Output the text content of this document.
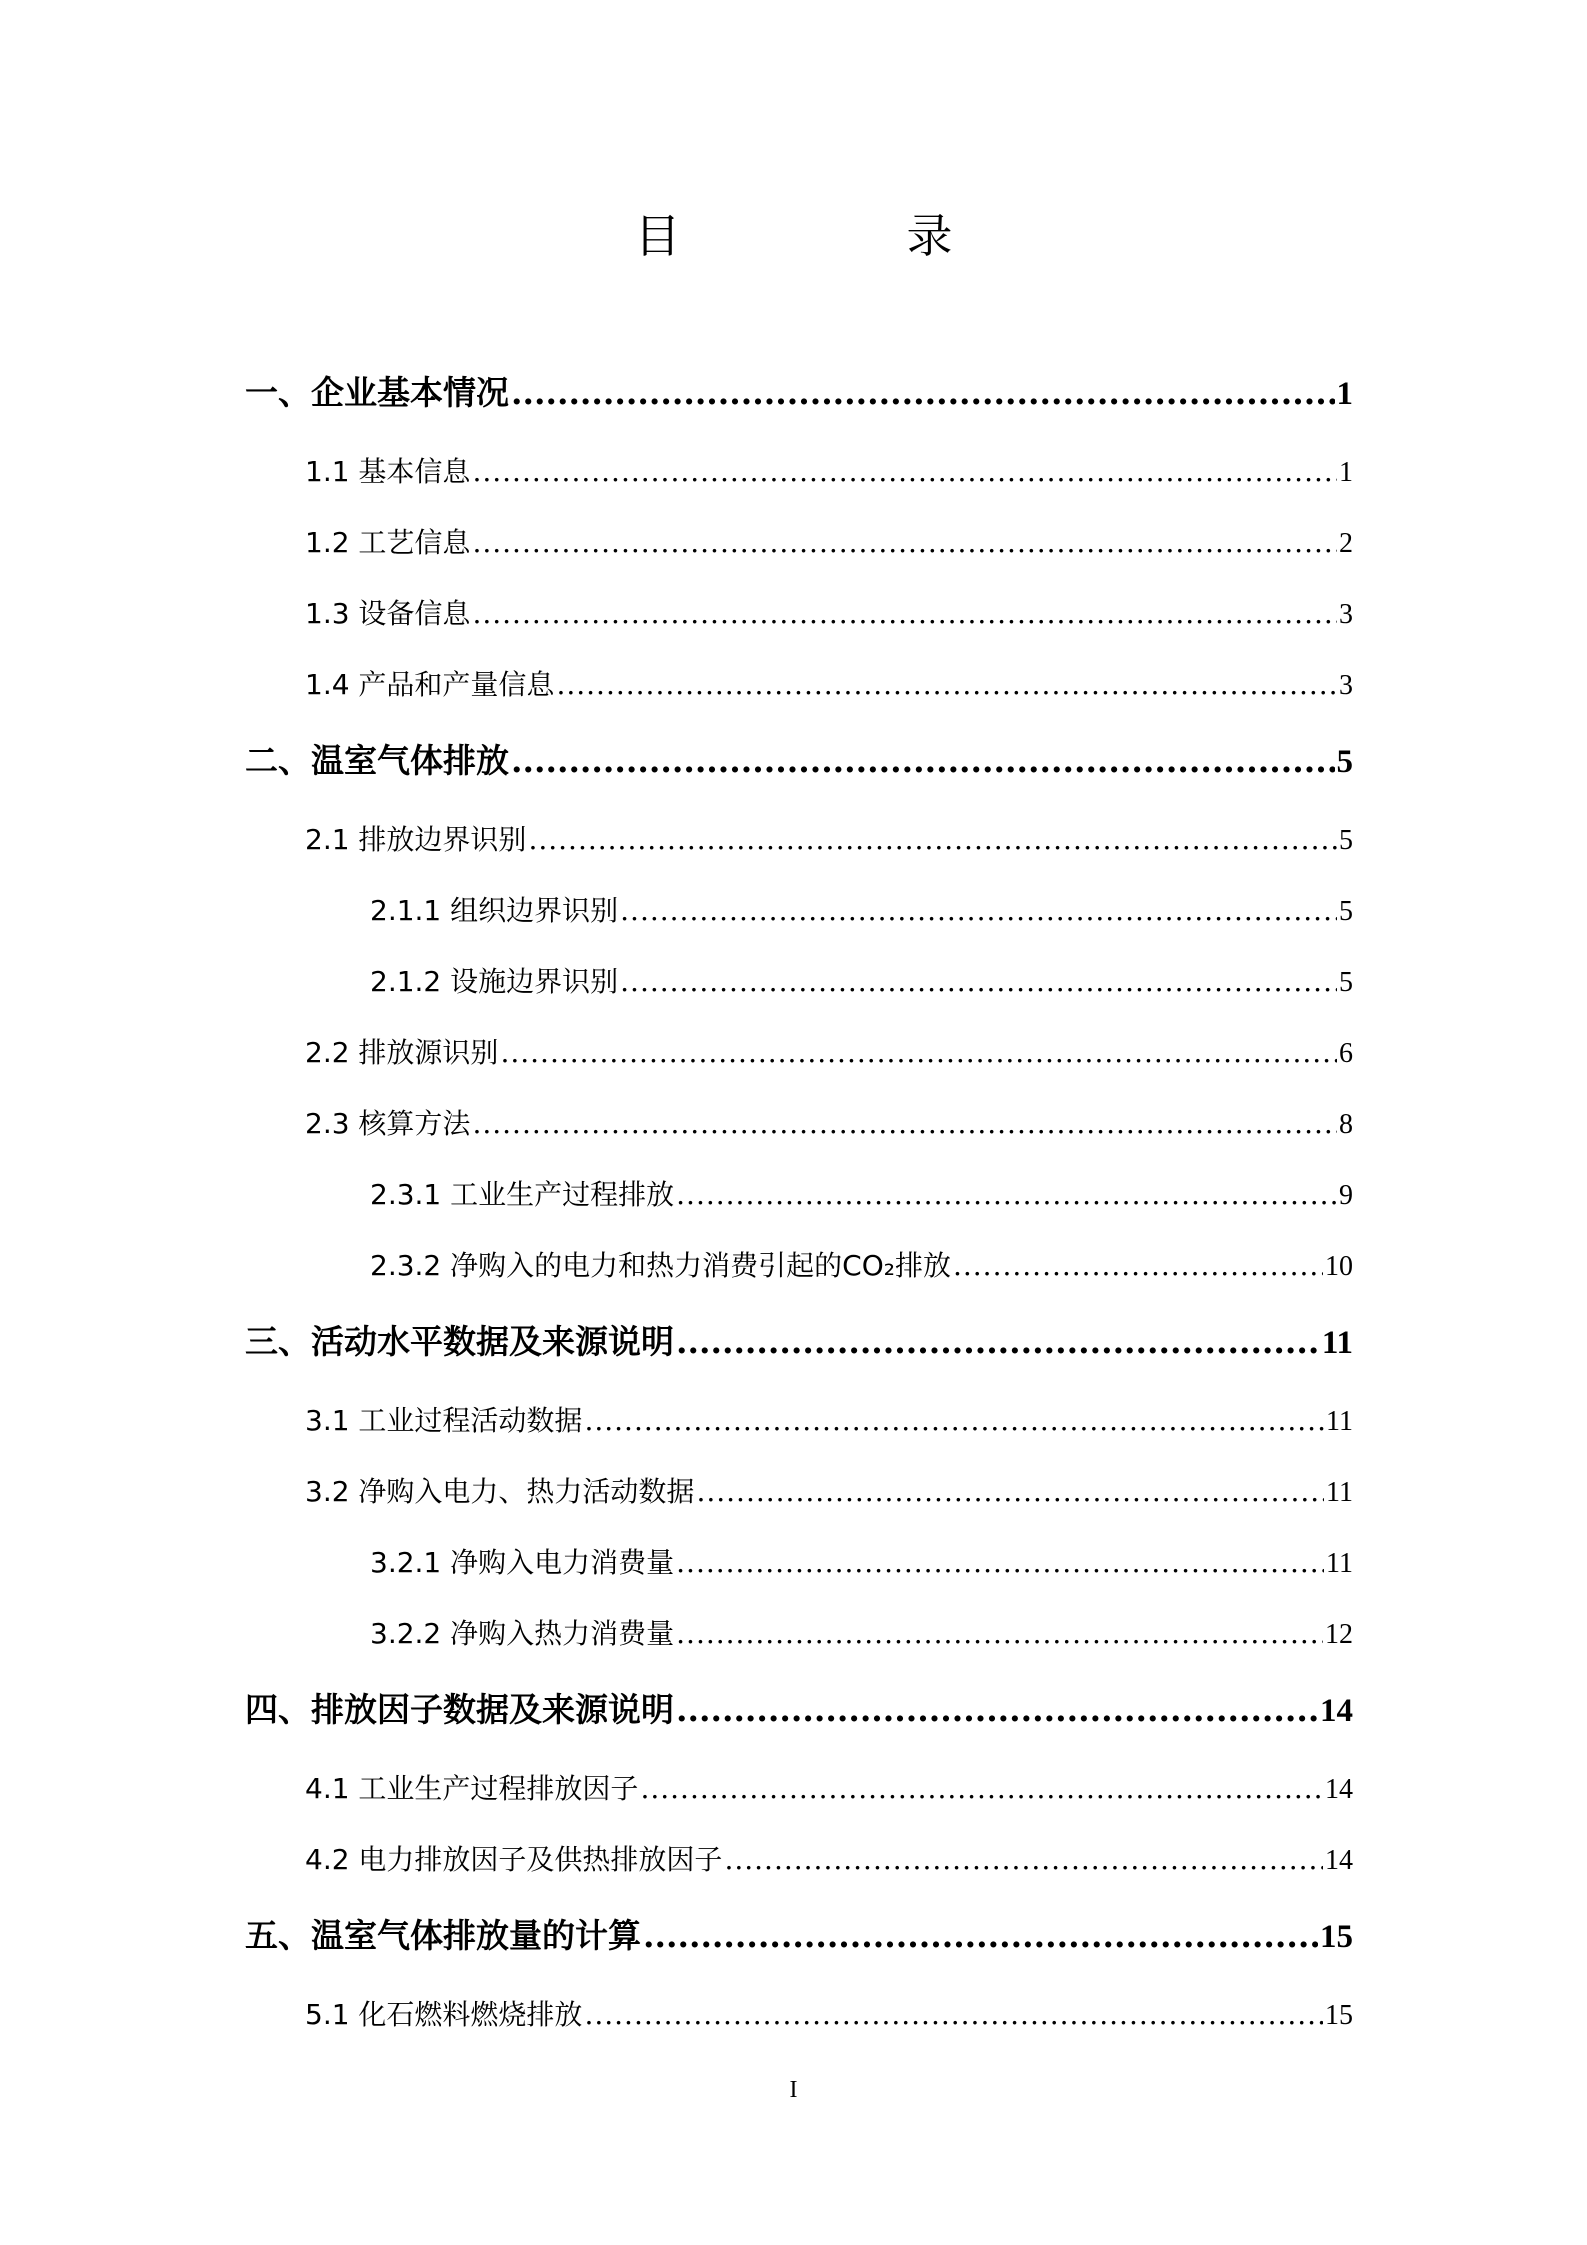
目　录
一、企业基本情况 .....	1
1.1 基本信息 .....	1
1.2 工艺信息 .....	2
1.3 设备信息 .....	3
1.4 产品和产量信息 .....	3
二、温室气体排放 .....	5
2.1 排放边界识别 .....	5
2.1.1 组织边界识别 .....	5
2.1.2 设施边界识别 .....	5
2.2 排放源识别 .....	6
2.3 核算方法 .....	8
2.3.1 工业生产过程排放 .....	9
2.3.2 净购入的电力和热力消费引起的CO₂排放 .....	10
三、活动水平数据及来源说明 .....	11
3.1 工业过程活动数据 .....	11
3.2 净购入电力、热力活动数据 .....	11
3.2.1 净购入电力消费量 .....	11
3.2.2 净购入热力消费量 .....	12
四、排放因子数据及来源说明 .....	14
4.1 工业生产过程排放因子 .....	14
4.2 电力排放因子及供热排放因子 .....	14
五、温室气体排放量的计算 .....	15
5.1 化石燃料燃烧排放 .....	15
I
